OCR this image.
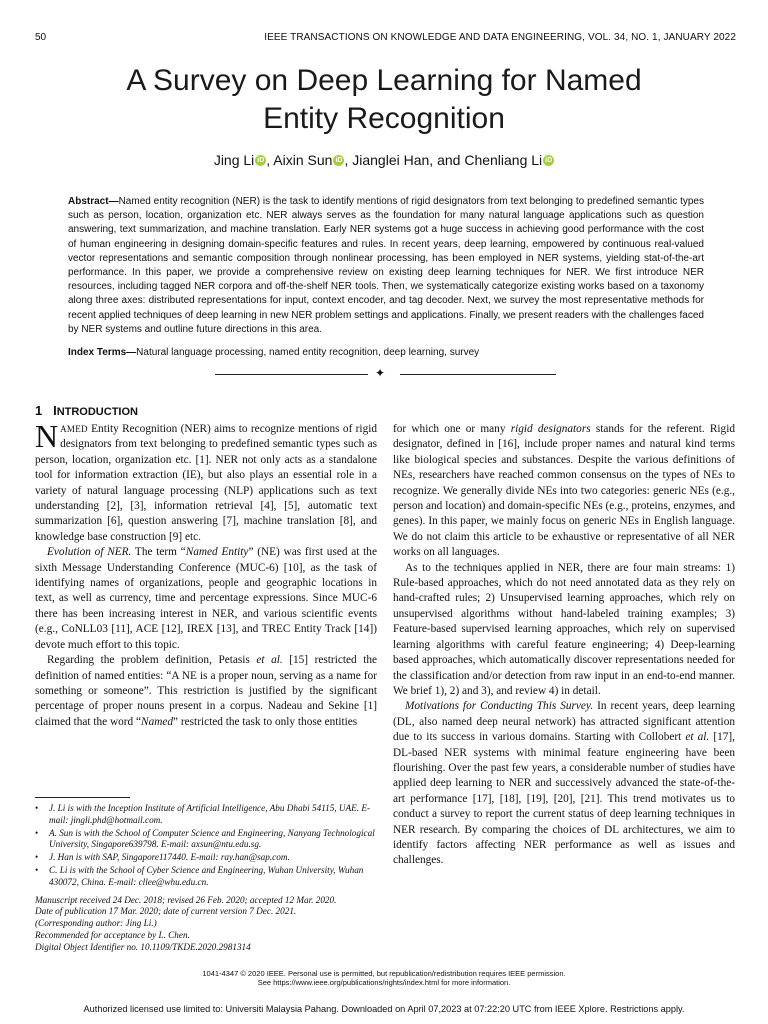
50	IEEE TRANSACTIONS ON KNOWLEDGE AND DATA ENGINEERING, VOL. 34, NO. 1, JANUARY 2022
A Survey on Deep Learning for Named
Entity Recognition
Jing Li iD , Aixin Sun iD , Jianglei Han, and Chenliang Li iD
Abstract—Named entity recognition (NER) is the task to identify mentions of rigid designators from text belonging to predefined semantic types such as person, location, organization etc. NER always serves as the foundation for many natural language applications such as question answering, text summarization, and machine translation. Early NER systems got a huge success in achieving good performance with the cost of human engineering in designing domain-specific features and rules. In recent years, deep learning, empowered by continuous real-valued vector representations and semantic composition through nonlinear processing, has been employed in NER systems, yielding stat-of-the-art performance. In this paper, we provide a comprehensive review on existing deep learning techniques for NER. We first introduce NER resources, including tagged NER corpora and off-the-shelf NER tools. Then, we systematically categorize existing works based on a taxonomy along three axes: distributed representations for input, context encoder, and tag decoder. Next, we survey the most representative methods for recent applied techniques of deep learning in new NER problem settings and applications. Finally, we present readers with the challenges faced by NER systems and outline future directions in this area.
Index Terms—Natural language processing, named entity recognition, deep learning, survey
✦
1 INTRODUCTION

NAMED Entity Recognition (NER) aims to recognize mentions of rigid designators from text belonging to predefined semantic types such as person, location, organization etc. [1]. NER not only acts as a standalone tool for information extraction (IE), but also plays an essential role in a variety of natural language processing (NLP) applications such as text understanding [2], [3], information retrieval [4], [5], automatic text summarization [6], question answering [7], machine translation [8], and knowledge base construction [9] etc.

Evolution of NER. The term “Named Entity” (NE) was first used at the sixth Message Understanding Conference (MUC-6) [10], as the task of identifying names of organizations, people and geographic locations in text, as well as currency, time and percentage expressions. Since MUC-6 there has been increasing interest in NER, and various scientific events (e.g., CoNLL03 [11], ACE [12], IREX [13], and TREC Entity Track [14]) devote much effort to this topic.

Regarding the problem definition, Petasis et al. [15] restricted the definition of named entities: “A NE is a proper noun, serving as a name for something or someone”. This restriction is justified by the significant percentage of proper nouns present in a corpus. Nadeau and Sekine [1] claimed that the word “Named” restricted the task to only those entities

• J. Li is with the Inception Institute of Artificial Intelligence, Abu Dhabi 54115, UAE. E-mail: jingli.phd@hotmail.com.
• A. Sun is with the School of Computer Science and Engineering, Nanyang Technological University, Singapore639798. E-mail: axsun@ntu.edu.sg.
• J. Han is with SAP, Singapore117440. E-mail: ray.han@sap.com.
• C. Li is with the School of Cyber Science and Engineering, Wuhan University, Wuhan 430072, China. E-mail: cllee@whu.edu.cn.
Manuscript received 24 Dec. 2018; revised 26 Feb. 2020; accepted 12 Mar. 2020.
Date of publication 17 Mar. 2020; date of current version 7 Dec. 2021.
(Corresponding author: Jing Li.)
Recommended for acceptance by L. Chen.
Digital Object Identifier no. 10.1109/TKDE.2020.2981314

for which one or many rigid designators stands for the referent. Rigid designator, defined in [16], include proper names and natural kind terms like biological species and substances. Despite the various definitions of NEs, researchers have reached common consensus on the types of NEs to recognize. We generally divide NEs into two categories: generic NEs (e.g., person and location) and domain-specific NEs (e.g., proteins, enzymes, and genes). In this paper, we mainly focus on generic NEs in English language. We do not claim this article to be exhaustive or representative of all NER works on all languages.

As to the techniques applied in NER, there are four main streams: 1) Rule-based approaches, which do not need annotated data as they rely on hand-crafted rules; 2) Unsupervised learning approaches, which rely on unsupervised algorithms without hand-labeled training examples; 3) Feature-based supervised learning approaches, which rely on supervised learning algorithms with careful feature engineering; 4) Deep-learning based approaches, which automatically discover representations needed for the classification and/or detection from raw input in an end-to-end manner. We brief 1), 2) and 3), and review 4) in detail.

Motivations for Conducting This Survey. In recent years, deep learning (DL, also named deep neural network) has attracted significant attention due to its success in various domains. Starting with Collobert et al. [17], DL-based NER systems with minimal feature engineering have been flourishing. Over the past few years, a considerable number of studies have applied deep learning to NER and successively advanced the state-of-the-art performance [17], [18], [19], [20], [21]. This trend motivates us to conduct a survey to report the current status of deep learning techniques in NER research. By comparing the choices of DL architectures, we aim to identify factors affecting NER performance as well as issues and challenges.

1041-4347 © 2020 IEEE. Personal use is permitted, but republication/redistribution requires IEEE permission.
See https://www.ieee.org/publications/rights/index.html for more information.
Authorized licensed use limited to: Universiti Malaysia Pahang. Downloaded on April 07,2023 at 07:22:20 UTC from IEEE Xplore. Restrictions apply.
